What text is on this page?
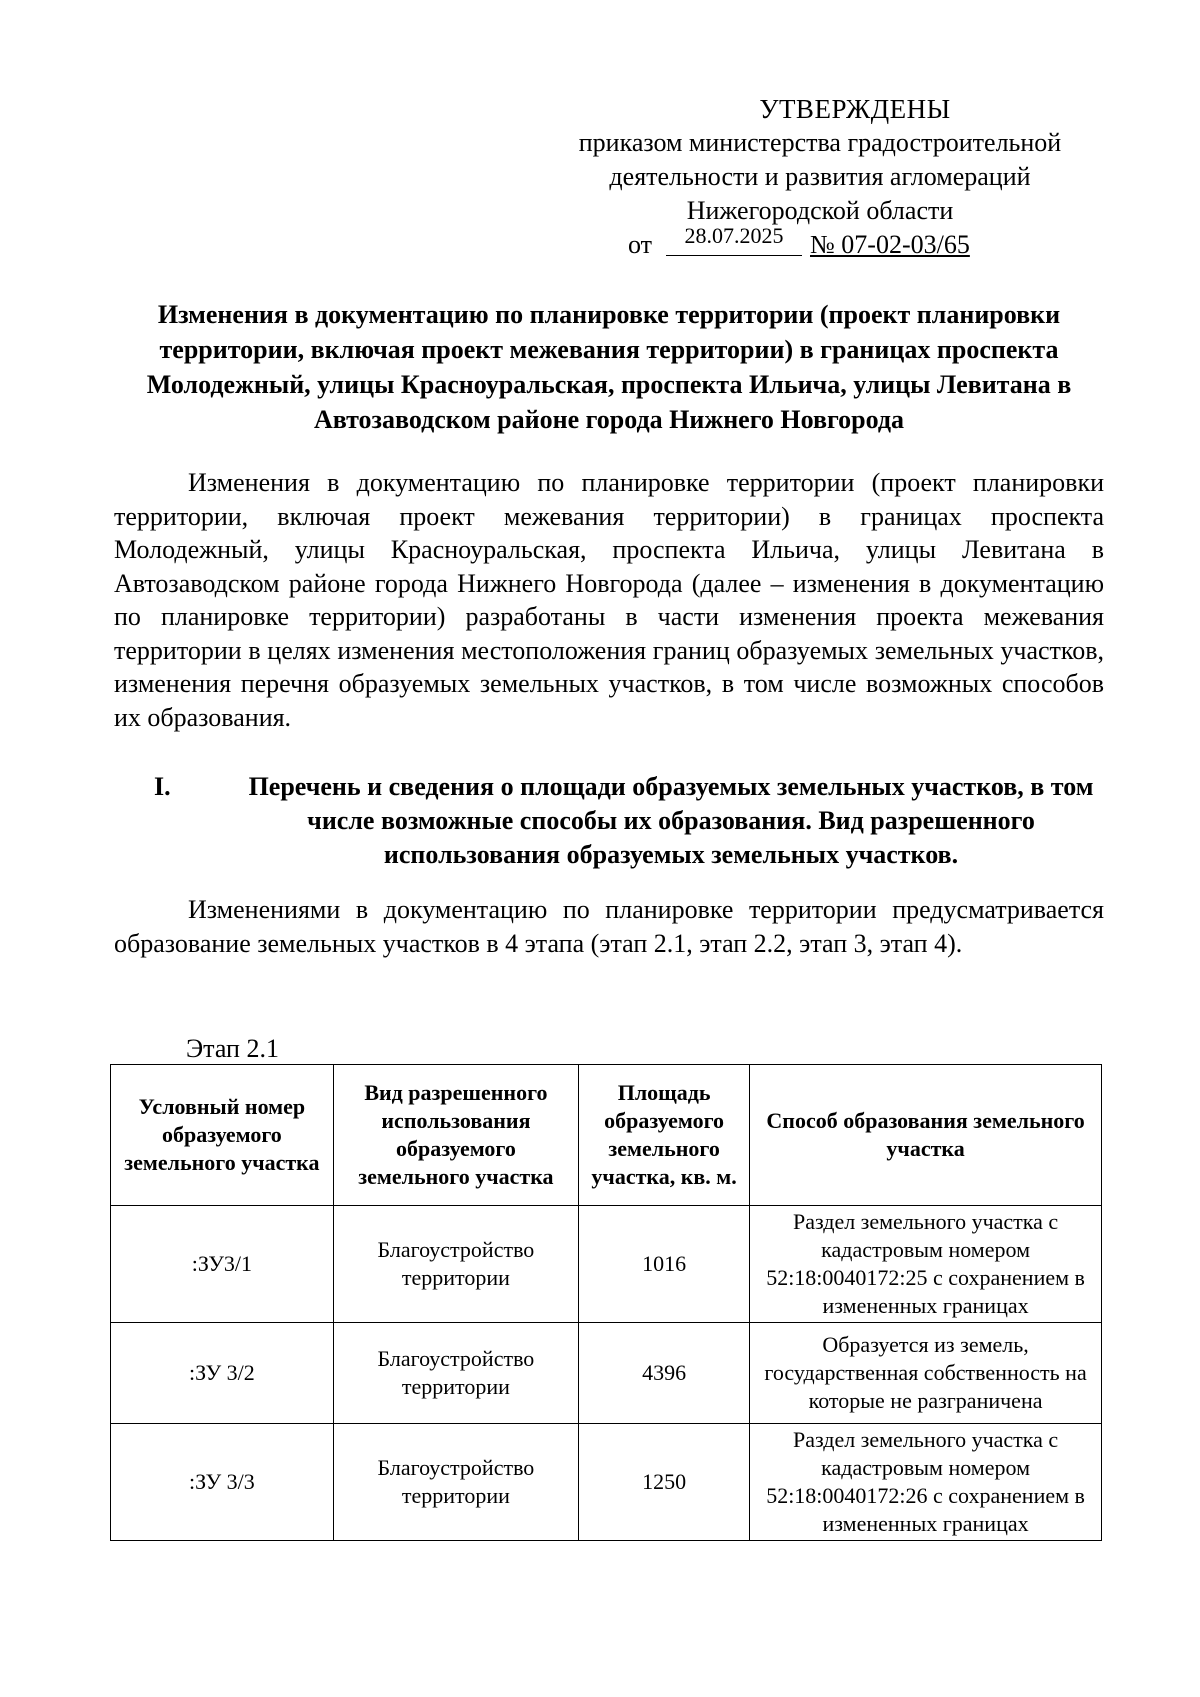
УТВЕРЖДЕНЫ
приказом министерства градостроительной
деятельности и развития агломераций
Нижегородской области
от	28.07.2025	№ 07-02-03/65
Изменения в документацию по планировке территории (проект планировки территории, включая проект межевания территории) в границах проспекта Молодежный, улицы Красноуральская, проспекта Ильича, улицы Левитана в Автозаводском районе города Нижнего Новгорода
Изменения в документацию по планировке территории (проект планировки территории, включая проект межевания территории) в границах проспекта Молодежный, улицы Красноуральская, проспекта Ильича, улицы Левитана в Автозаводском районе города Нижнего Новгорода (далее – изменения в документацию по планировке территории) разработаны в части изменения проекта межевания территории в целях изменения местоположения границ образуемых земельных участков, изменения перечня образуемых земельных участков, в том числе возможных способов их образования.
I.	Перечень и сведения о площади образуемых земельных участков, в том числе возможные способы их образования. Вид разрешенного использования образуемых земельных участков.
Изменениями в документацию по планировке территории предусматривается образование земельных участков в 4 этапа (этап 2.1, этап 2.2, этап 3, этап 4).
Этап 2.1
Условный номер образуемого земельного участка	Вид разрешенного использования образуемого земельного участка	Площадь образуемого земельного участка, кв. м.	Способ образования земельного участка
:ЗУ3/1	Благоустройство территории	1016	Раздел земельного участка с кадастровым номером 52:18:0040172:25 с сохранением в измененных границах
:ЗУ 3/2	Благоустройство территории	4396	Образуется из земель, государственная собственность на которые не разграничена
:ЗУ 3/3	Благоустройство территории	1250	Раздел земельного участка с кадастровым номером 52:18:0040172:26 с сохранением в измененных границах
